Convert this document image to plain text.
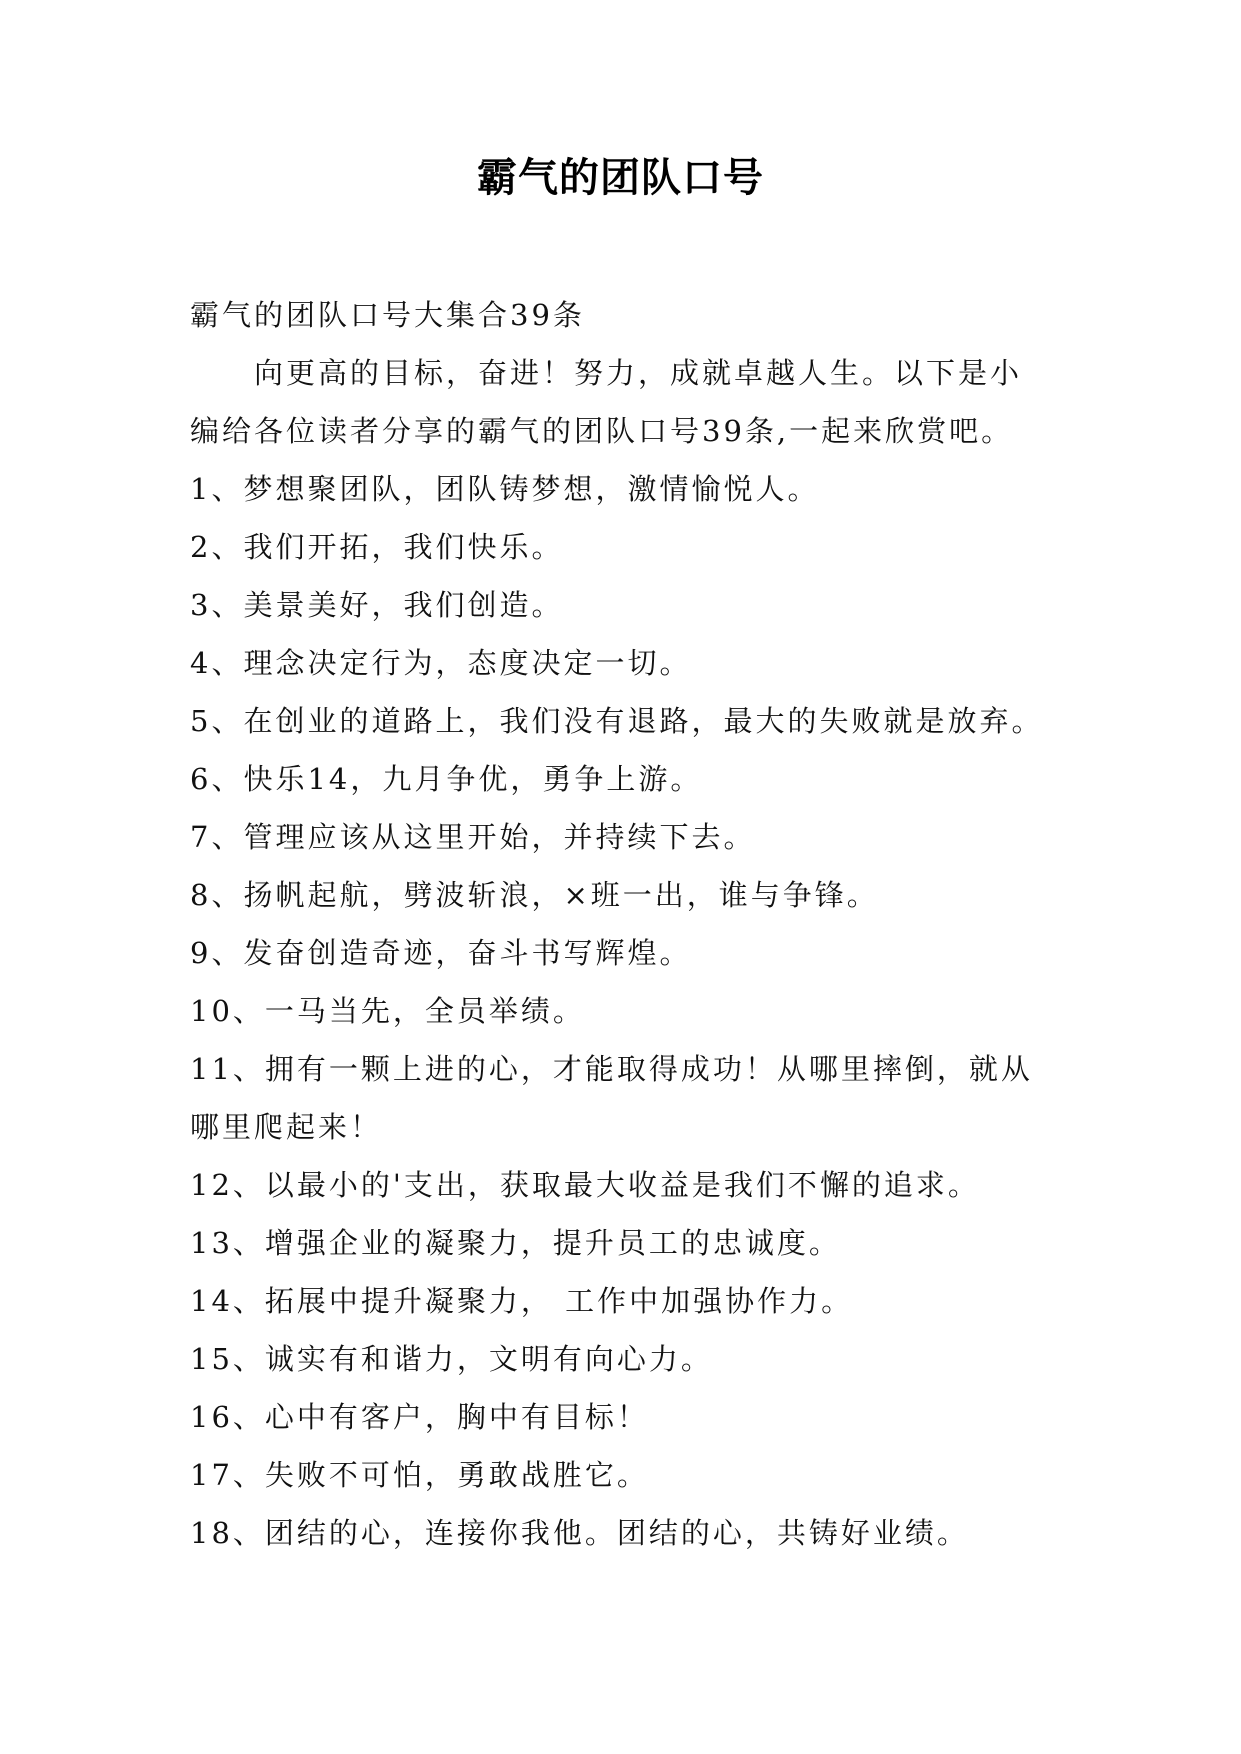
霸气的团队口号

霸气的团队口号大集合39条

向更高的目标，奋进！努力，成就卓越人生。以下是小

编给各位读者分享的霸气的团队口号39条,一起来欣赏吧。

1、梦想聚团队，团队铸梦想，激情愉悦人。

2、我们开拓，我们快乐。

3、美景美好，我们创造。

4、理念决定行为，态度决定一切。

5、在创业的道路上，我们没有退路，最大的失败就是放弃。

6、快乐14，九月争优，勇争上游。

7、管理应该从这里开始，并持续下去。

8、扬帆起航，劈波斩浪，×班一出，谁与争锋。

9、发奋创造奇迹，奋斗书写辉煌。

10、一马当先，全员举绩。

11、拥有一颗上进的心，才能取得成功！从哪里摔倒，就从

哪里爬起来！

12、以最小的'支出，获取最大收益是我们不懈的追求。

13、增强企业的凝聚力，提升员工的忠诚度。

14、拓展中提升凝聚力， 工作中加强协作力。

15、诚实有和谐力，文明有向心力。

16、心中有客户，胸中有目标！

17、失败不可怕，勇敢战胜它。

18、团结的心，连接你我他。团结的心，共铸好业绩。
